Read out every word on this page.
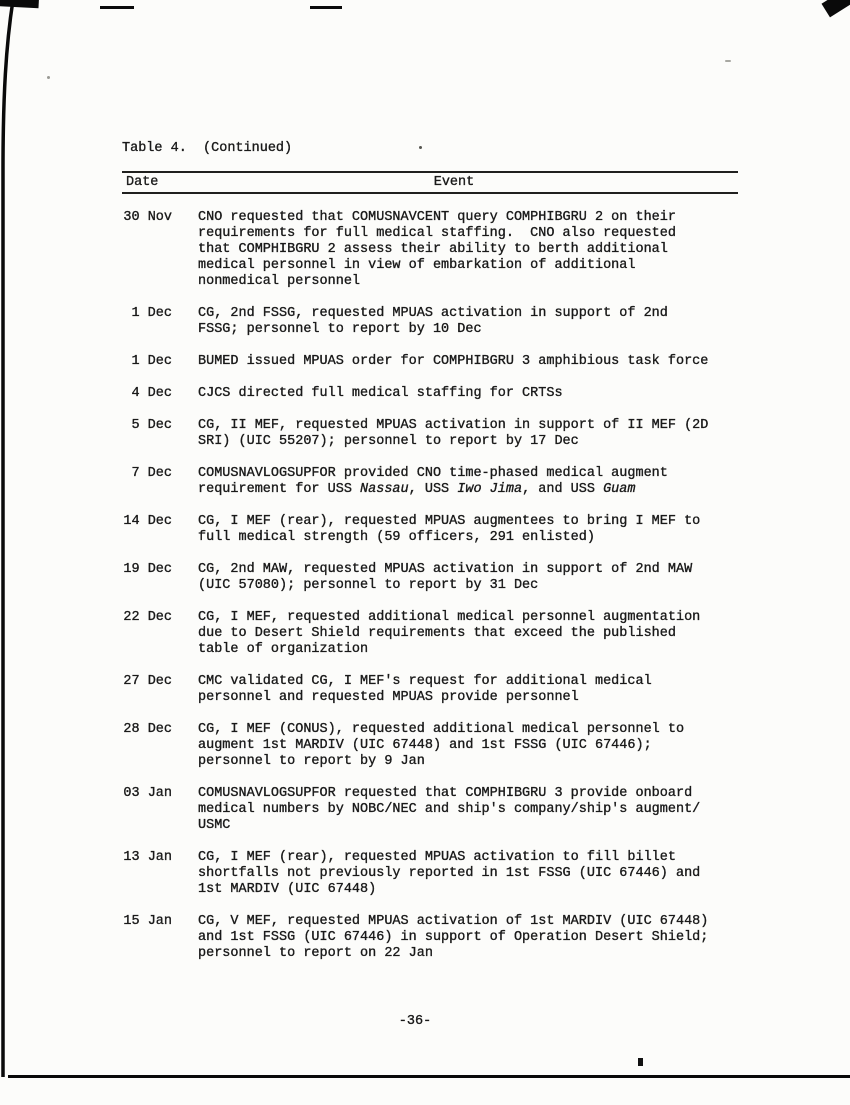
Table 4.  (Continued)
Date	Event
30 Nov CNO requested that COMUSNAVCENT query COMPHIBGRU 2 on their
requirements for full medical staffing.  CNO also requested
that COMPHIBGRU 2 assess their ability to berth additional
medical personnel in view of embarkation of additional
nonmedical personnel
1 Dec CG, 2nd FSSG, requested MPUAS activation in support of 2nd
FSSG; personnel to report by 10 Dec
1 Dec BUMED issued MPUAS order for COMPHIBGRU 3 amphibious task force
4 Dec CJCS directed full medical staffing for CRTSs
5 Dec CG, II MEF, requested MPUAS activation in support of II MEF (2D
SRI) (UIC 55207); personnel to report by 17 Dec
7 Dec COMUSNAVLOGSUPFOR provided CNO time-phased medical augment
requirement for USS Nassau, USS Iwo Jima, and USS Guam
14 Dec CG, I MEF (rear), requested MPUAS augmentees to bring I MEF to
full medical strength (59 officers, 291 enlisted)
19 Dec CG, 2nd MAW, requested MPUAS activation in support of 2nd MAW
(UIC 57080); personnel to report by 31 Dec
22 Dec CG, I MEF, requested additional medical personnel augmentation
due to Desert Shield requirements that exceed the published
table of organization
27 Dec CMC validated CG, I MEF's request for additional medical
personnel and requested MPUAS provide personnel
28 Dec CG, I MEF (CONUS), requested additional medical personnel to
augment 1st MARDIV (UIC 67448) and 1st FSSG (UIC 67446);
personnel to report by 9 Jan
03 Jan COMUSNAVLOGSUPFOR requested that COMPHIBGRU 3 provide onboard
medical numbers by NOBC/NEC and ship's company/ship's augment/
USMC
13 Jan CG, I MEF (rear), requested MPUAS activation to fill billet
shortfalls not previously reported in 1st FSSG (UIC 67446) and
1st MARDIV (UIC 67448)
15 Jan CG, V MEF, requested MPUAS activation of 1st MARDIV (UIC 67448)
and 1st FSSG (UIC 67446) in support of Operation Desert Shield;
personnel to report on 22 Jan
-36-
